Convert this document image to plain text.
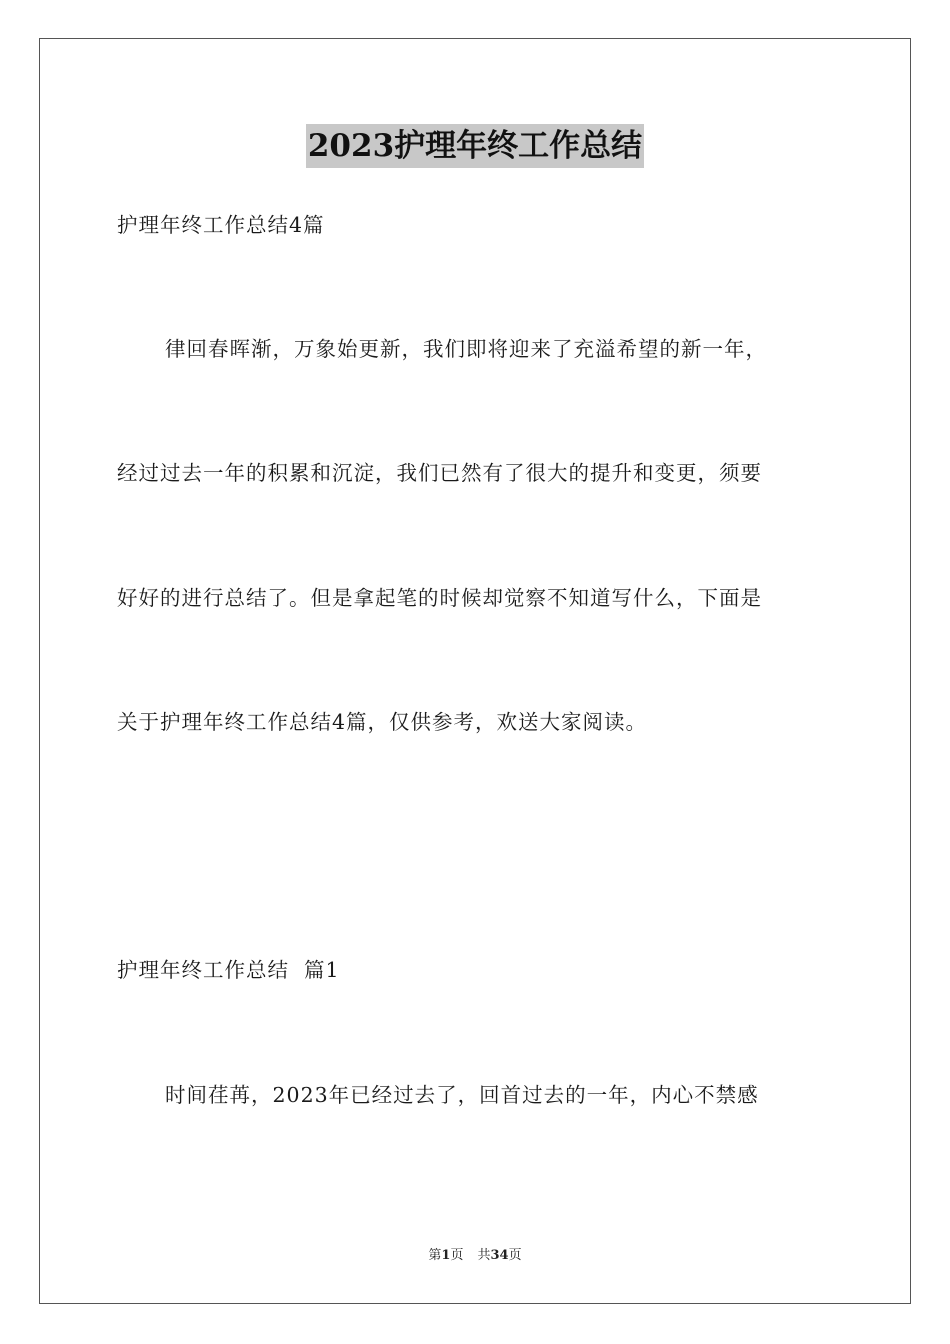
2023护理年终工作总结
护理年终工作总结4篇
律回春晖渐，万象始更新，我们即将迎来了充溢希望的新一年，
经过过去一年的积累和沉淀，我们已然有了很大的提升和变更，须要
好好的进行总结了。但是拿起笔的时候却觉察不知道写什么，下面是
关于护理年终工作总结4篇，仅供参考，欢送大家阅读。
护理年终工作总结  篇1
时间荏苒，2023年已经过去了，回首过去的一年，内心不禁感
第1页 共34页
